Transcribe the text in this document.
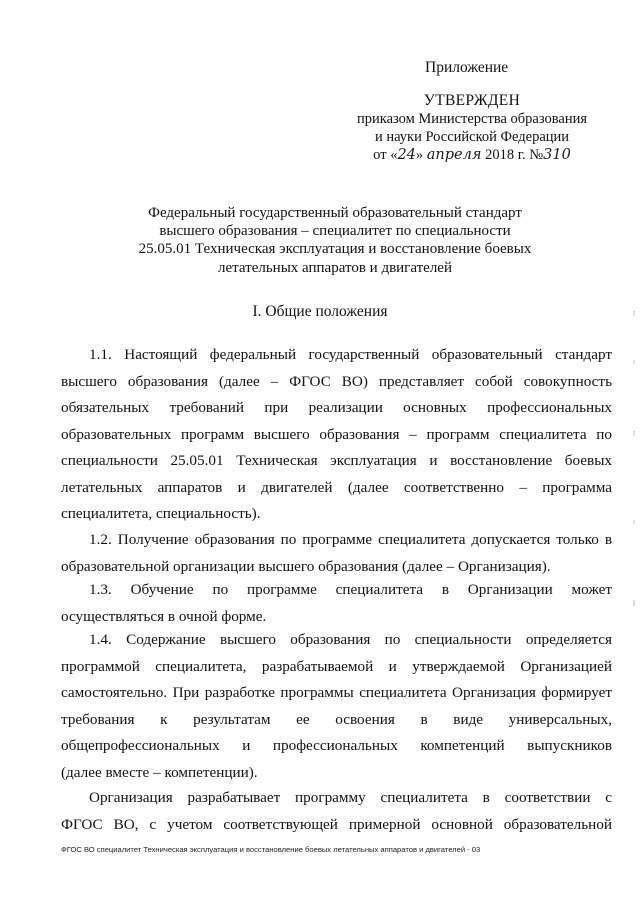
Приложение
УТВЕРЖДЕН
приказом Министерства образования
и науки Российской Федерации
от «24» апреля 2018 г. №310
Федеральный государственный образовательный стандарт
высшего образования – специалитет по специальности
25.05.01 Техническая эксплуатация и восстановление боевых
летательных аппаратов и двигателей
I. Общие положения
1.1. Настоящий федеральный государственный образовательный стандарт
высшего образования (далее – ФГОС ВО) представляет собой совокупность
обязательных требований при реализации основных профессиональных
образовательных программ высшего образования – программ специалитета по
специальности 25.05.01 Техническая эксплуатация и восстановление боевых
летательных аппаратов и двигателей (далее соответственно – программа
специалитета, специальность).
1.2. Получение образования по программе специалитета допускается только в
образовательной организации высшего образования (далее – Организация).
1.3. Обучение по программе специалитета в Организации может
осуществляться в очной форме.
1.4. Содержание высшего образования по специальности определяется
программой специалитета, разрабатываемой и утверждаемой Организацией
самостоятельно. При разработке программы специалитета Организация формирует
требования к результатам ее освоения в виде универсальных,
общепрофессиональных и профессиональных компетенций выпускников
(далее вместе – компетенции).
Организация разрабатывает программу специалитета в соответствии с
ФГОС ВО, с учетом соответствующей примерной основной образовательной
ФГОС ВО специалитет Техническая эксплуатация и восстановление боевых летательных аппаратов и двигателей - 03
